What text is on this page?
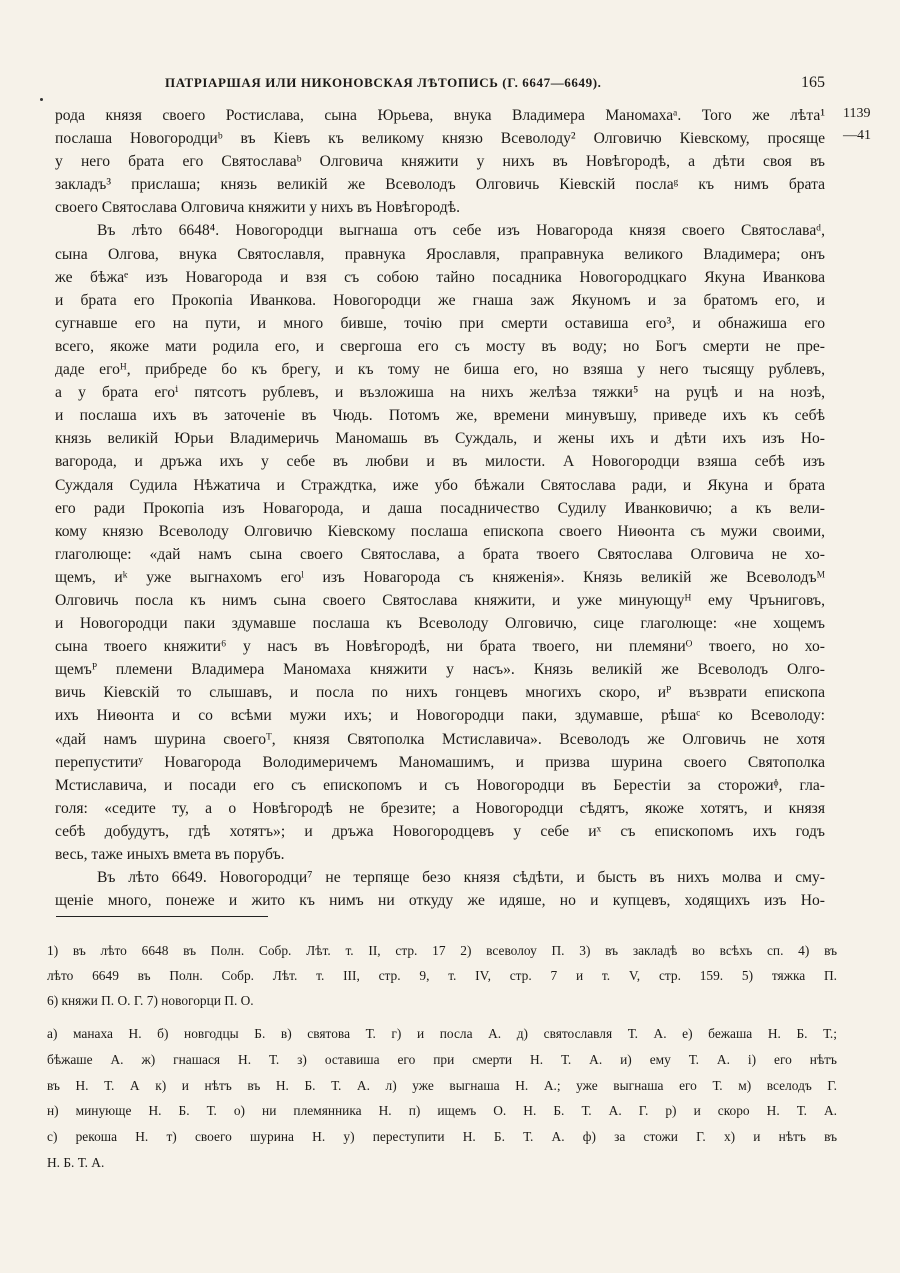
ПАТРІАРШАЯ ИЛИ НИКОНОВСКАЯ ЛѢТОПИСЬ (Г. 6647—6649).	165
1139
—41
рода князя своего Ростислава, сына Юрьева, внука Владимера Маномахаᵃ. Того же лѣта¹
послаша Новогородциᵇ въ Кіевъ къ великому князю Всеволоду² Олговичю Кіевскому, просяще
у него брата его Святославаᵇ Олговича княжити у нихъ въ Новѣгородѣ, а дѣти своя въ
закладъ³ прислаша; князь великій же Всеволодъ Олговичь Кіевскій послаᵍ къ нимъ брата
своего Святослава Олговича княжити у нихъ въ Новѣгородѣ.
Въ лѣто 6648⁴. Новогородци выгнаша отъ себе изъ Новагорода князя своего Святославаᵈ,
сына Олгова, внука Святославля, правнука Ярославля, праправнука великого Владимера; онъ
же бѣжаᵉ изъ Новагорода и взя съ собою тайно посадника Новогородцкаго Якуна Иванкова
и брата его Прокопіа Иванкова. Новогородци же гнаша заж Якуномъ и за братомъ его, и
сугнавше его на пути, и много бивше, точію при смерти оставиша его³, и обнажиша его
всего, якоже мати родила его, и свергоша его съ мосту въ воду; но Богъ смерти не пре-
даде егоᴴ, прибреде бо къ брегу, и къ тому не биша его, но взяша у него тысящу рублевъ,
а у брата егоⁱ пятсотъ рублевъ, и възложиша на нихъ желѣза тяжки⁵ на руцѣ и на нозѣ,
и послаша ихъ въ заточеніе въ Чюдь. Потомъ же, времени минувъшу, приведе ихъ къ себѣ
князь великій Юрьи Владимеричь Маномашь въ Суждаль, и жены ихъ и дѣти ихъ изъ Но-
вагорода, и дръжа ихъ у себе въ любви и въ милости. А Новогородци взяша себѣ изъ
Суждаля Судила Нѣжатича и Страждтка, иже убо бѣжали Святослава ради, и Якуна и брата
его ради Прокопіа изъ Новагорода, и даша посадничество Судилу Иванковичю; а къ вели-
кому князю Всеволоду Олговичю Кіевскому послаша епископа своего Ниѳонта съ мужи своими,
глаголюще: «дай намъ сына своего Святослава, а брата твоего Святослава Олговича не хо-
щемъ, иᵏ уже выгнахомъ егоˡ изъ Новагорода съ княженія». Князь великій же Всеволодъᴹ
Олговичь посла къ нимъ сына своего Святослава княжити, и уже минующуᴴ ему Чрънигoвъ,
и Новогородци паки здумавше послаша къ Всеволоду Олговичю, сице глаголюще: «не хощемъ
сына твоего княжити⁶ у насъ въ Новѣгородѣ, ни брата твоего, ни племяниᴼ твоего, но хо-
щемъᴾ племени Владимера Маномаха княжити у насъ». Князь великій же Всеволодъ Олго-
вичь Кіевскій то слышавъ, и посла по нихъ гонцевъ многихъ скоро, иᴾ възврати епископа
ихъ Ниѳонта и со всѣми мужи ихъ; и Новогородци паки, здумавше, рѣшаᶜ ко Всеволоду:
«дай намъ шурина своегоᵀ, князя Святополка Мстиславича». Всеволодъ же Олговичь не хотя
перепуститиʸ Новагорода Володимеричемъ Маномашимъ, и призва шурина своего Святополка
Мстиславича, и посади его съ епископомъ и съ Новогородци въ Берестіи за сторожиᶲ, гла-
голя: «седите ту, а о Новѣгородѣ не брезите; а Новогородци сѣдятъ, якоже хотятъ, и князя
себѣ добудутъ, гдѣ хотятъ»; и дръжа Новогородцевъ у себе иˣ съ епископомъ ихъ годъ
весь, таже иныхъ вмета въ порубъ.
Въ лѣто 6649. Новогородци⁷ не терпяще безо князя сѣдѣти, и бысть въ нихъ молва и сму-
щеніе много, понеже и жито къ нимъ ни откуду же идяше, но и купцевъ, ходящихъ изъ Но-
1) въ лѣто 6648 въ Полн. Собр. Лѣт. т. II, стр. 17 2) всеволоу П. 3) въ закладѣ во всѣхъ сп. 4) въ
лѣто 6649 въ Полн. Собр. Лѣт. т. III, стр. 9, т. IV, стр. 7 и т. V, стр. 159. 5) тяжка П.
6) княжи П. О. Г. 7) новогорци П. О.
а) манаха Н. б) новгодцы Б. в) святова Т. г) и посла А. д) святославля Т. А. е) бежаша Н. Б. Т.;
бѣжаше А. ж) гнашася Н. Т. з) оставиша его при смерти Н. Т. А. и) ему Т. А. і) его нѣтъ
въ Н. Т. А к) и нѣтъ въ Н. Б. Т. А. л) уже выгнаша Н. А.; уже выгнаша его Т. м) вселодъ Г.
н) минующе Н. Б. Т. о) ни племянника Н. п) ищемъ О. Н. Б. Т. А. Г. р) и скоро Н. Т. А.
с) рекоша Н. т) своего шурина Н. у) переступити Н. Б. Т. А. ф) за стожи Г. х) и нѣтъ въ
Н. Б. Т. А.
